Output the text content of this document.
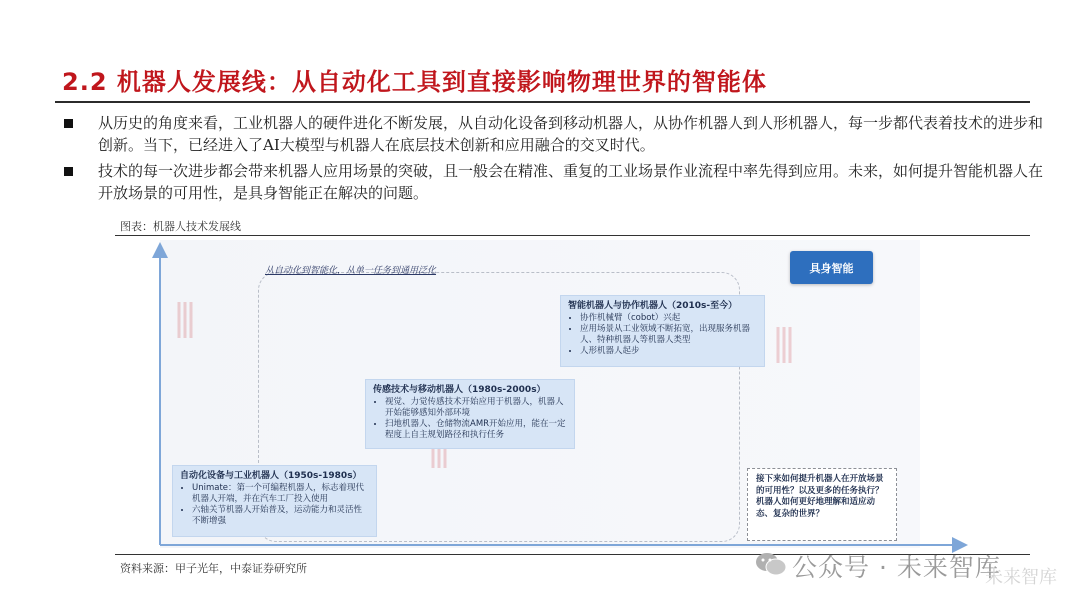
2.2 机器人发展线：从自动化工具到直接影响物理世界的智能体
从历史的角度来看，工业机器人的硬件进化不断发展，从自动化设备到移动机器人，从协作机器人到人形机器人，每一步都代表着技术的进步和创新。当下，已经进入了AI大模型与机器人在底层技术创新和应用融合的交叉时代。
技术的每一次进步都会带来机器人应用场景的突破，且一般会在精准、重复的工业场景作业流程中率先得到应用。未来，如何提升智能机器人在开放场景的可用性，是具身智能正在解决的问题。
图表：机器人技术发展线
从自动化到智能化，从单一任务到通用泛化	具身智能
自动化设备与工业机器人（1950s-1980s）
• Unimate：第一个可编程机器人，标志着现代机器人开端，并在汽车工厂投入使用
• 六轴关节机器人开始普及，运动能力和灵活性不断增强
传感技术与移动机器人（1980s-2000s）
• 视觉、力觉传感技术开始应用于机器人，机器人开始能够感知外部环境
• 扫地机器人、仓储物流AMR开始应用，能在一定程度上自主规划路径和执行任务
智能机器人与协作机器人（2010s-至今）
• 协作机械臂（cobot）兴起
• 应用场景从工业领域不断拓宽，出现服务机器人、特种机器人等机器人类型
• 人形机器人起步
接下来如何提升机器人在开放场景的可用性？以及更多的任务执行？机器人如何更好地理解和适应动态、复杂的世界？
资料来源：甲子光年，中泰证券研究所	公众号 · 未来智库
未来智库
